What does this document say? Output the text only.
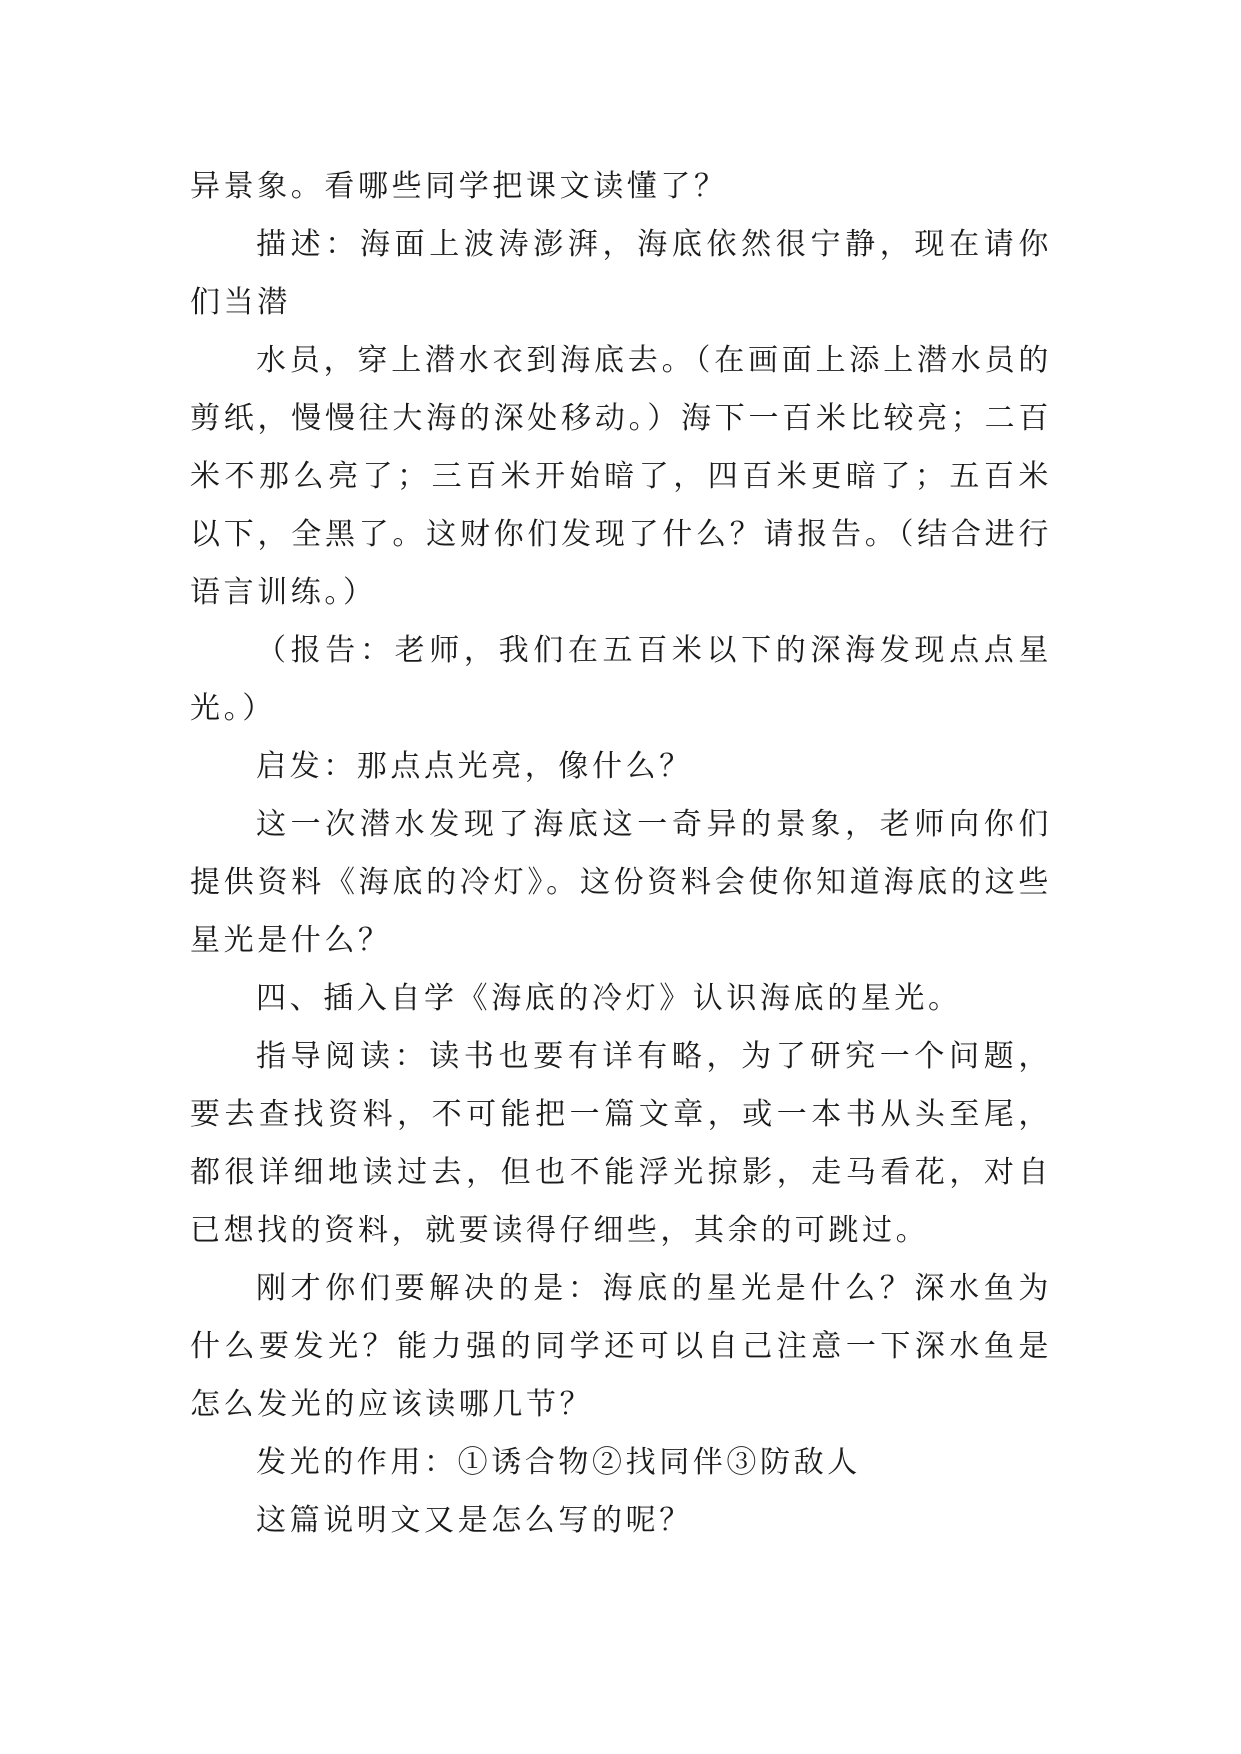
异景象。看哪些同学把课文读懂了？

描述：海面上波涛澎湃，海底依然很宁静，现在请你们当潜

水员，穿上潜水衣到海底去。（在画面上添上潜水员的剪纸，慢慢往大海的深处移动。）海下一百米比较亮；二百米不那么亮了；三百米开始暗了，四百米更暗了；五百米以下，全黑了。这财你们发现了什么？请报告。（结合进行语言训练。）

（报告：老师，我们在五百米以下的深海发现点点星光。）

启发：那点点光亮，像什么？

这一次潜水发现了海底这一奇异的景象，老师向你们提供资料《海底的冷灯》。这份资料会使你知道海底的这些星光是什么？

四、插入自学《海底的冷灯》认识海底的星光。

指导阅读：读书也要有详有略，为了研究一个问题，要去查找资料，不可能把一篇文章，或一本书从头至尾，都很详细地读过去，但也不能浮光掠影，走马看花，对自已想找的资料，就要读得仔细些，其余的可跳过。

刚才你们要解决的是：海底的星光是什么？深水鱼为什么要发光？能力强的同学还可以自己注意一下深水鱼是怎么发光的应该读哪几节？

发光的作用：①诱合物②找同伴③防敌人

这篇说明文又是怎么写的呢？
